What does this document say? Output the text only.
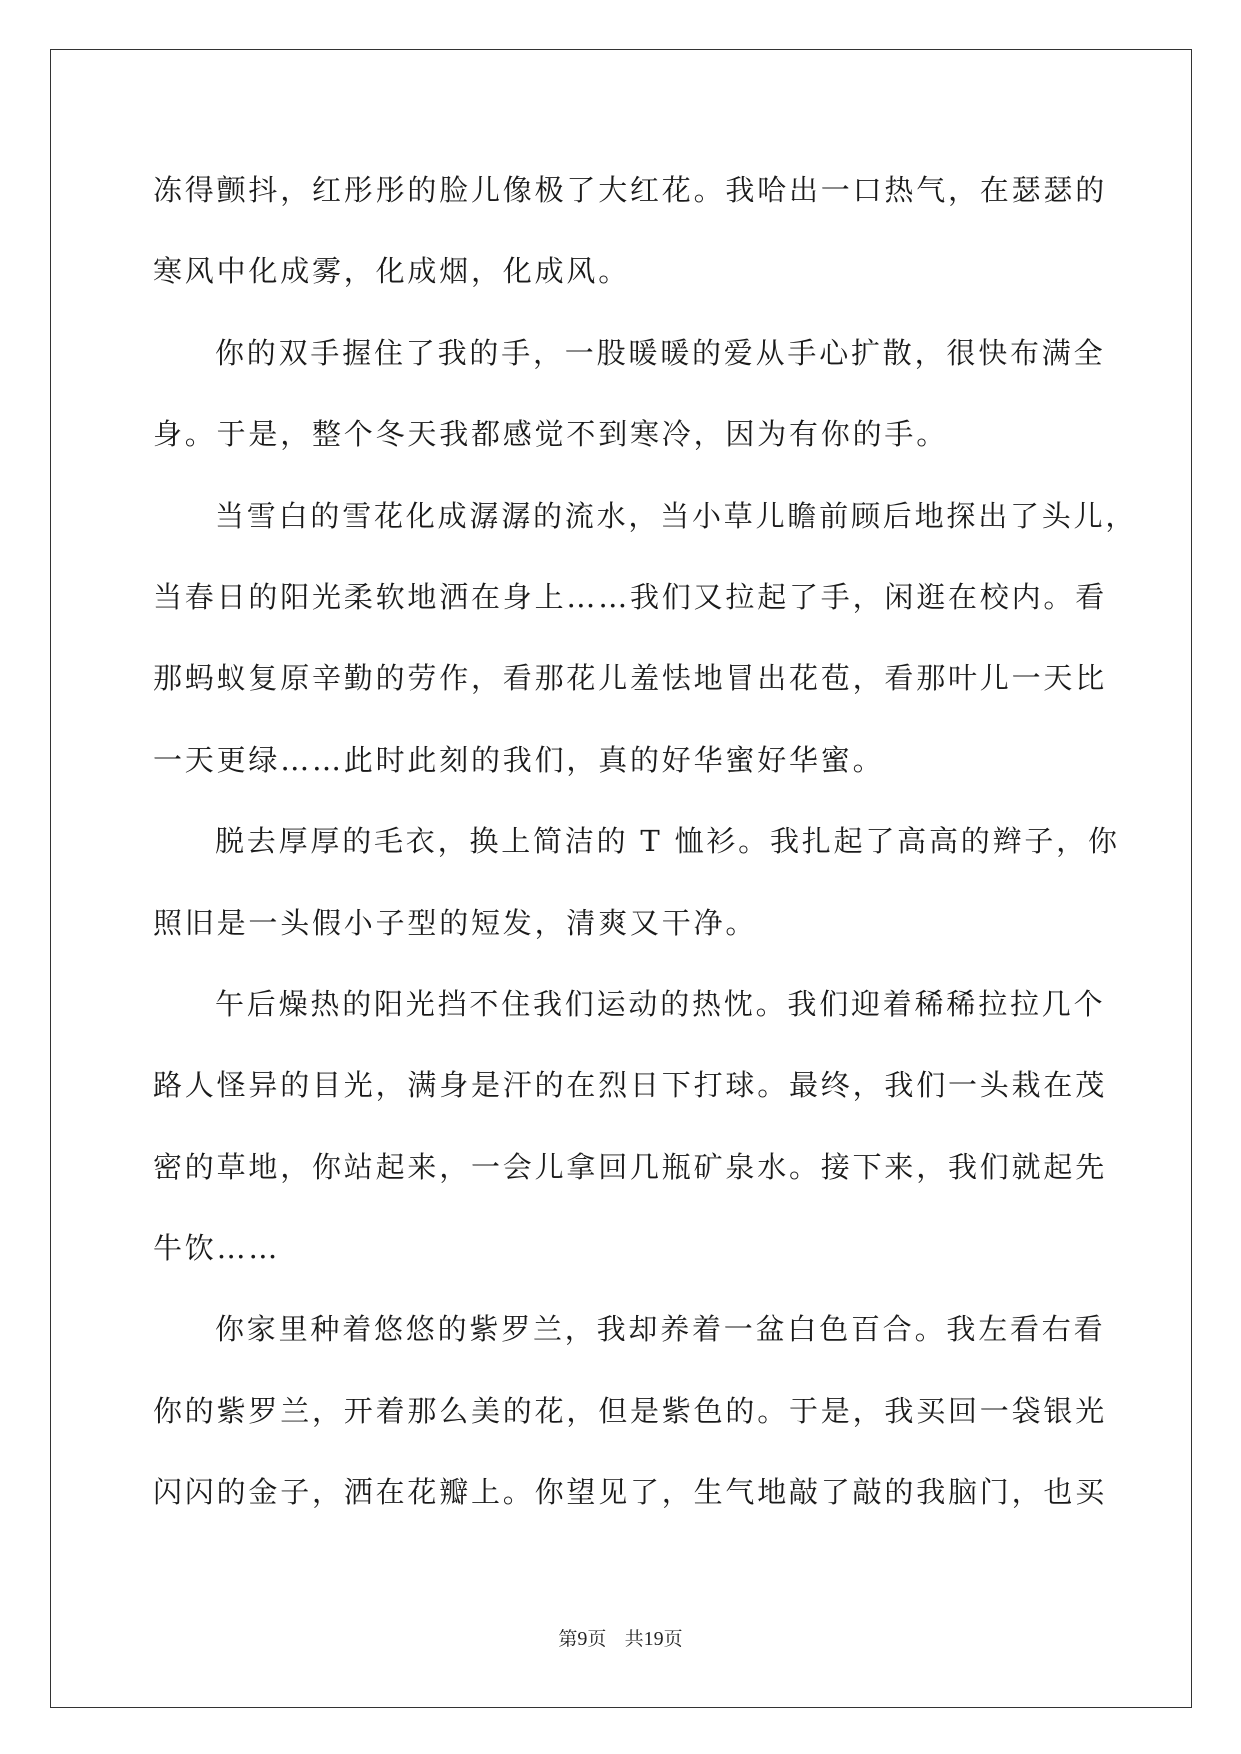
冻得颤抖，红彤彤的脸儿像极了大红花。我哈出一口热气，在瑟瑟的
寒风中化成雾，化成烟，化成风。
你的双手握住了我的手，一股暖暖的爱从手心扩散，很快布满全
身。于是，整个冬天我都感觉不到寒冷，因为有你的手。
当雪白的雪花化成潺潺的流水，当小草儿瞻前顾后地探出了头儿，
当春日的阳光柔软地洒在身上……我们又拉起了手，闲逛在校内。看
那蚂蚁复原辛勤的劳作，看那花儿羞怯地冒出花苞，看那叶儿一天比
一天更绿……此时此刻的我们，真的好华蜜好华蜜。
脱去厚厚的毛衣，换上简洁的 T 恤衫。我扎起了高高的辫子，你
照旧是一头假小子型的短发，清爽又干净。
午后燥热的阳光挡不住我们运动的热忱。我们迎着稀稀拉拉几个
路人怪异的目光，满身是汗的在烈日下打球。最终，我们一头栽在茂
密的草地，你站起来，一会儿拿回几瓶矿泉水。接下来，我们就起先
牛饮……
你家里种着悠悠的紫罗兰，我却养着一盆白色百合。我左看右看
你的紫罗兰，开着那么美的花，但是紫色的。于是，我买回一袋银光
闪闪的金子，洒在花瓣上。你望见了，生气地敲了敲的我脑门，也买
第9页 共19页
